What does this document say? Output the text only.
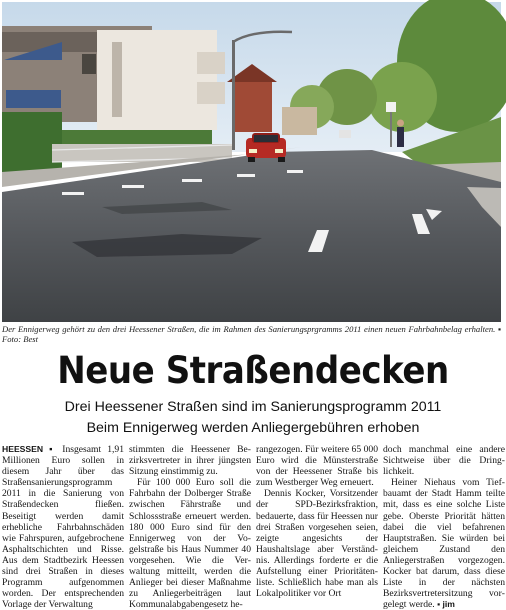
Der Ennigerweg gehört zu den drei Heessener Straßen, die im Rahmen des Sanierungsprgramms 2011 einen neuen Fahrbahnbelag erhalten. ▪ Foto: Best
Neue Straßendecken
Drei Heessener Straßen sind im Sanierungsprogramm 2011
Beim Ennigerweg werden Anliegergebühren erhoben

HEESSEN ▪ Insgesamt 1,91 Millionen Euro sollen in diesem Jahr über das Straßensanierungsprogramm 2011 in die Sanierung von Straßendecken fließen. Beseitigt werden damit erhebliche Fahrbahnschäden wie Fahrspuren, aufgebrochene Asphaltschichten und Risse. Aus dem Stadtbezirk Heessen sind drei Straßen in dieses Programm aufgenommen worden. Der entsprechenden Vorlage der Verwaltung

stimmten die Heessener Bezirksvertreter in ihrer jüngsten Sitzung einstimmig zu.

Für 100 000 Euro soll die Fahrbahn der Dolberger Straße zwischen Fährstraße und Schlossstraße erneuert werden. 180 000 Euro sind für den Ennigerweg von der Vogelstraße bis Haus Nummer 40 vorgesehen. Wie die Verwaltung mitteilt, werden die Anlieger bei dieser Maßnahme zu Anliegerbeiträgen laut Kommunalabgabengesetz he-

rangezogen. Für weitere 65 000 Euro wird die Münsterstraße von der Heessener Straße bis zum Westberger Weg erneuert.

Dennis Kocker, Vorsitzender der SPD-Bezirksfraktion, bedauerte, dass für Heessen nur drei Straßen vorgesehen seien, zeigte angesichts der Haushaltslage aber Verständnis. Allerdings forderte er die Aufstellung einer Prioritätenliste. Schließlich habe man als Lokalpolitiker vor Ort

doch manchmal eine andere Sichtweise über die Dringlichkeit.

Heiner Niehaus vom Tiefbauamt der Stadt Hamm teilte mit, dass es eine solche Liste gebe. Oberste Priorität hätten dabei die viel befahrenen Hauptstraßen. Sie würden bei gleichem Zustand den Anliegerstraßen vorgezogen. Kocker bat darum, dass diese Liste in der nächsten Bezirksvertretersitzung vorgelegt werde. ▪ jim
